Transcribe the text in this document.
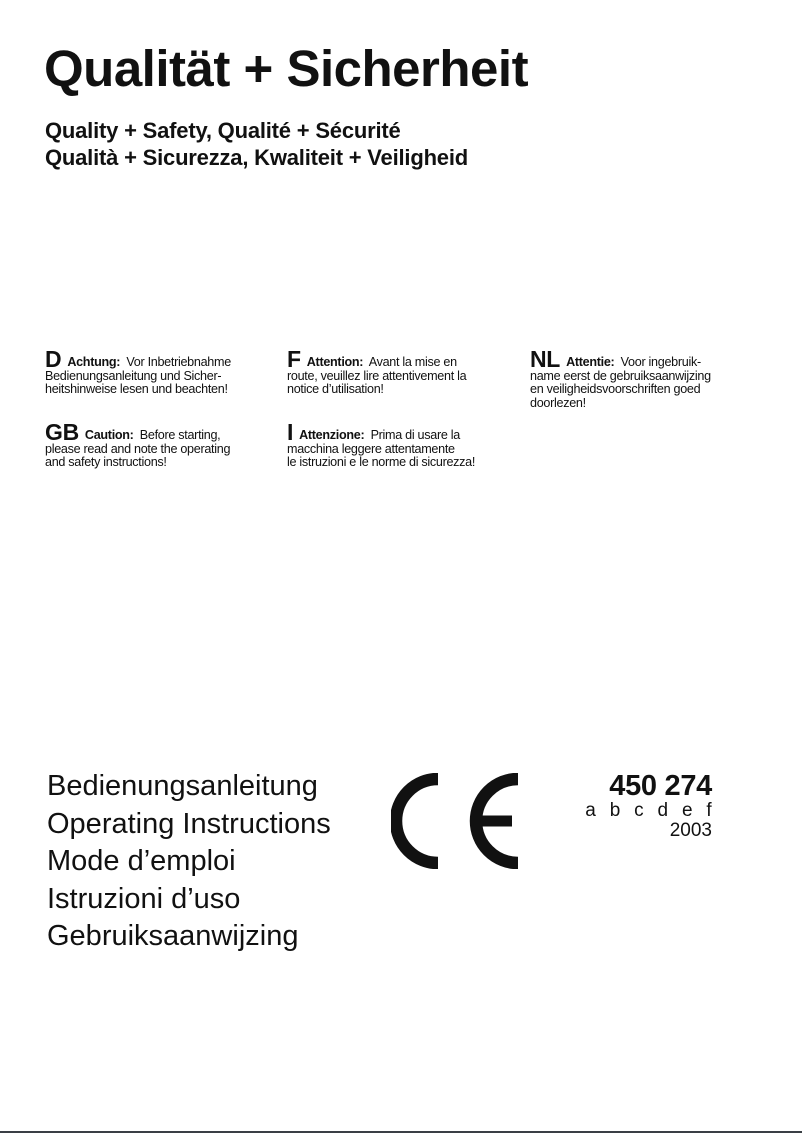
Qualität + Sicherheit
Quality + Safety, Qualité + Sécurité
Qualità + Sicurezza, Kwaliteit + Veiligheid
D Achtung: Vor Inbetriebnahme
Bedienungsanleitung und Sicher-
heitshinweise lesen und beachten!
GB Caution: Before starting,
please read and note the operating
and safety instructions!
F Attention: Avant la mise en
route, veuillez lire attentivement la
notice d’utilisation!
I Attenzione: Prima di usare la
macchina leggere attentamente
le istruzioni e le norme di sicurezza!
NL Attentie: Voor ingebruik-
name eerst de gebruiksaanwijzing
en veiligheidsvoorschriften goed
doorlezen!
Bedienungsanleitung
Operating Instructions
Mode d’emploi
Istruzioni d’uso
Gebruiksaanwijzing
450 274
a b c d e f
2003
